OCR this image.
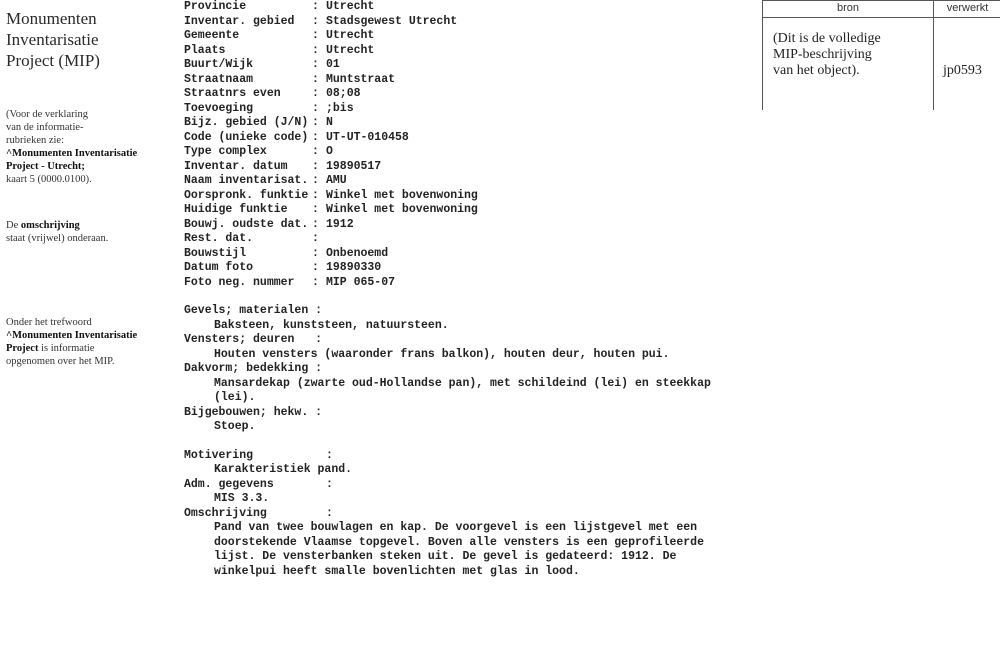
Monumenten
Inventarisatie
Project (MIP)
(Voor de verklaring
van de informatie-
rubrieken zie:
^Monumenten Inventarisatie
Project - Utrecht;
kaart 5 (0000.0100).
De omschrijving
staat (vrijwel) onderaan.
Onder het trefwoord
^Monumenten Inventarisatie
Project is informatie
opgenomen over het MIP.
Provincie	: Utrecht
Inventar. gebied : Stadsgewest Utrecht
Gemeente	: Utrecht
Plaats	: Utrecht
Buurt/Wijk	: 01
Straatnaam	: Muntstraat
Straatnrs even	: 08;08
Toevoeging	: ;bis
Bijz. gebied (J/N) : N
Code (unieke code) : UT-UT-010458
Type complex	: O
Inventar. datum : 19890517
Naam inventarisat. : AMU
Oorspronk. funktie : Winkel met bovenwoning
Huidige funktie : Winkel met bovenwoning
Bouwj. oudste dat. : 1912
Rest. dat.	:
Bouwstijl	: Onbenoemd
Datum foto	: 19890330
Foto neg. nummer : MIP 065-07
Gevels; materialen :
Baksteen, kunststeen, natuursteen.
Vensters; deuren   :
Houten vensters (waaronder frans balkon), houten deur, houten pui.
Dakvorm; bedekking :
Mansardekap (zwarte oud-Hollandse pan), met schildeind (lei) en steekkap
(lei).
Bijgebouwen; hekw. :
Stoep.
Motivering	:
Karakteristiek pand.
Adm. gegevens	:
MIS 3.3.
Omschrijving	:
Pand van twee bouwlagen en kap. De voorgevel is een lijstgevel met een
doorstekende Vlaamse topgevel. Boven alle vensters is een geprofileerde
lijst. De vensterbanken steken uit. De gevel is gedateerd: 1912. De
winkelpui heeft smalle bovenlichten met glas in lood.
bron	verwerkt
(Dit is de volledige
MIP-beschrijving
van het object).	jp0593
